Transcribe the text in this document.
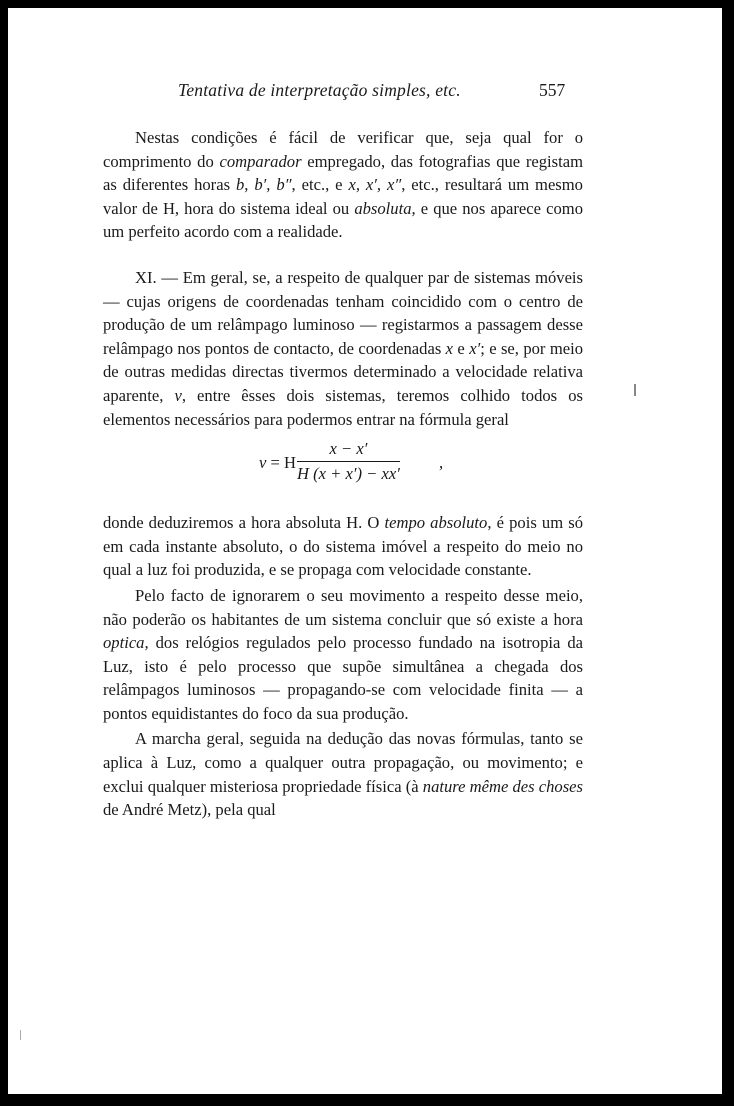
Tentativa de interpretação simples, etc.	557

Nestas condições é fácil de verificar que, seja qual for o comprimento do comparador empregado, das fotografias que registam as diferentes horas b, b′, b″, etc., e x, x′, x″, etc., resultará um mesmo valor de H, hora do sistema ideal ou absoluta, e que nos aparece como um perfeito acordo com a realidade.

XI. — Em geral, se, a respeito de qualquer par de sistemas móveis — cujas origens de coordenadas tenham coincidido com o centro de produção de um relâmpago luminoso — registarmos a passagem desse relâmpago nos pontos de contacto, de coordenadas x e x′; e se, por meio de outras medidas directas tivermos determinado a velocidade relativa aparente, v, entre êsses dois sistemas, teremos colhido todos os elementos necessários para podermos entrar na fórmula geral

v = H
x − x′
H (x + x′) − xx′
,

donde deduziremos a hora absoluta H. O tempo absoluto, é pois um só em cada instante absoluto, o do sistema imóvel a respeito do meio no qual a luz foi produzida, e se propaga com velocidade constante.

Pelo facto de ignorarem o seu movimento a respeito desse meio, não poderão os habitantes de um sistema concluir que só existe a hora optica, dos relógios regulados pelo processo fundado na isotropia da Luz, isto é pelo processo que supõe simultânea a chegada dos relâmpagos luminosos — propagando-se com velocidade finita — a pontos equidistantes do foco da sua produção.

A marcha geral, seguida na dedução das novas fórmulas, tanto se aplica à Luz, como a qualquer outra propagação, ou movimento; e exclui qualquer misteriosa propriedade física (à nature même des choses de André Metz), pela qual
